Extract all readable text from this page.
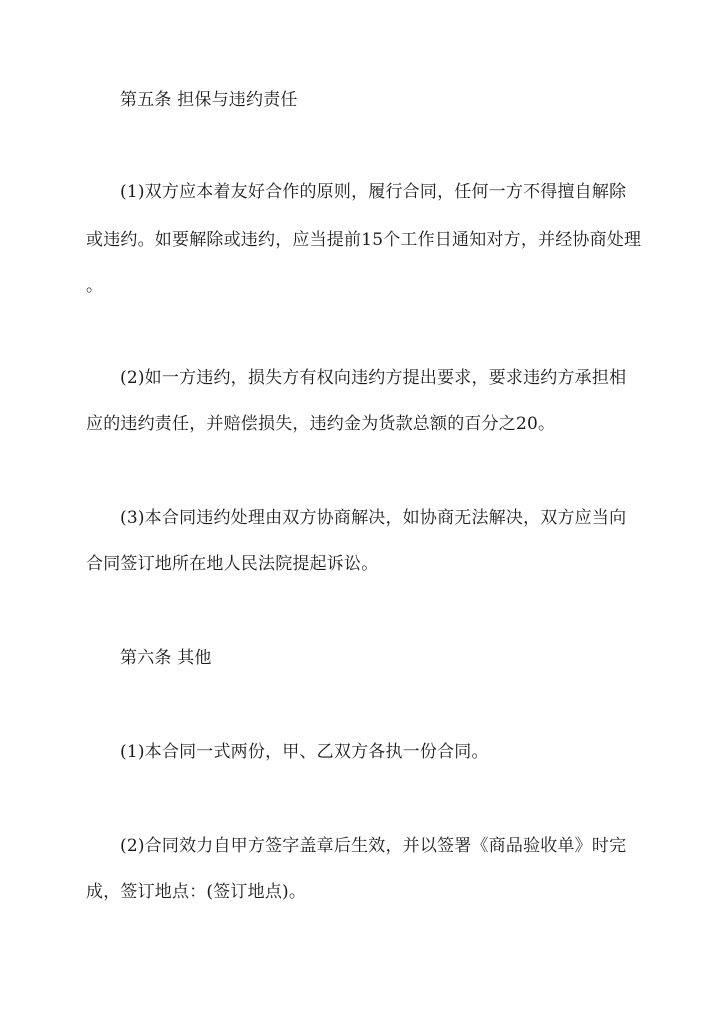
第五条 担保与违约责任
(1)双方应本着友好合作的原则，履行合同，任何一方不得擅自解除
或违约。如要解除或违约，应当提前15个工作日通知对方，并经协商处理
。
(2)如一方违约，损失方有权向违约方提出要求，要求违约方承担相
应的违约责任，并赔偿损失，违约金为货款总额的百分之20。
(3)本合同违约处理由双方协商解决，如协商无法解决，双方应当向
合同签订地所在地人民法院提起诉讼。
第六条 其他
(1)本合同一式两份，甲、乙双方各执一份合同。
(2)合同效力自甲方签字盖章后生效，并以签署《商品验收单》时完
成，签订地点：(签订地点)。
